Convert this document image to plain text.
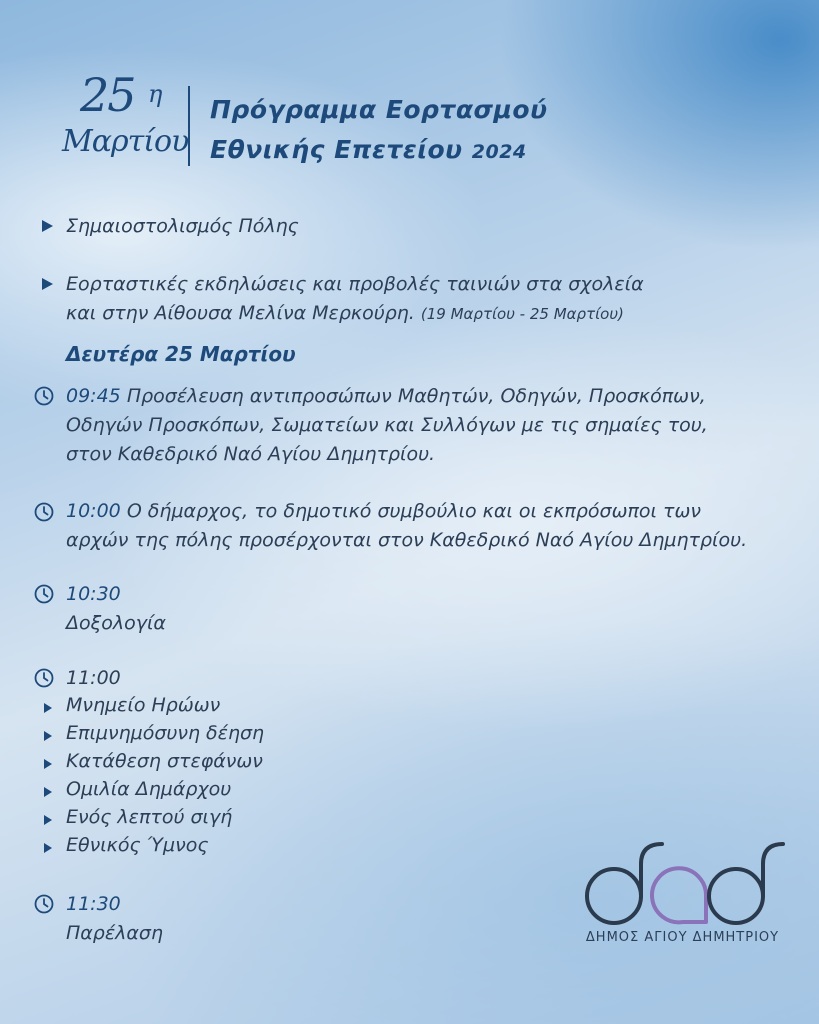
25 η
Μαρτίου
Πρόγραμμα Εορτασμού
Εθνικής Επετείου 2024
Σημαιοστολισμός Πόλης
Εορταστικές εκδηλώσεις και προβολές ταινιών στα σχολεία
και στην Αίθουσα Μελίνα Μερκούρη. (19 Μαρτίου - 25 Μαρτίου)
Δευτέρα 25 Μαρτίου
09:45 Προσέλευση αντιπροσώπων Μαθητών, Οδηγών, Προσκόπων,
Οδηγών Προσκόπων, Σωματείων και Συλλόγων με τις σημαίες του,
στον Καθεδρικό Ναό Αγίου Δημητρίου.
10:00 Ο δήμαρχος, το δημοτικό συμβούλιο και οι εκπρόσωποι των
αρχών της πόλης προσέρχονται στον Καθεδρικό Ναό Αγίου Δημητρίου.
10:30
Δοξολογία
11:00
Μνημείο Ηρώων
Επιμνημόσυνη δέηση
Κατάθεση στεφάνων
Ομιλία Δημάρχου
Ενός λεπτού σιγή
Εθνικός Ύμνος
11:30
Παρέλαση	ΔΗΜΟΣ ΑΓΙΟΥ ΔΗΜΗΤΡΙΟΥ
